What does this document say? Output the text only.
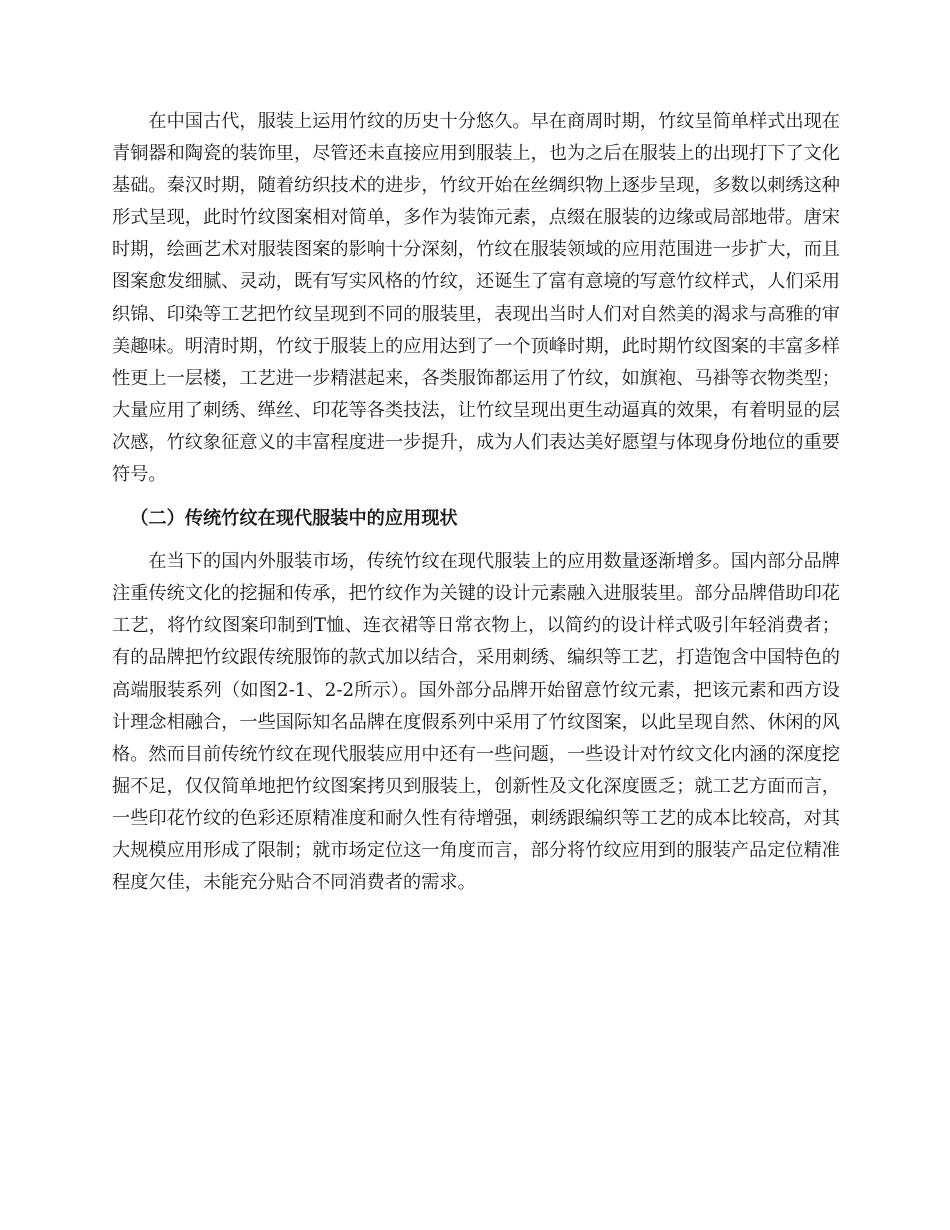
在中国古代，服装上运用竹纹的历史十分悠久。早在商周时期，竹纹呈简单样式出现在青铜器和陶瓷的装饰里，尽管还未直接应用到服装上，也为之后在服装上的出现打下了文化基础。秦汉时期，随着纺织技术的进步，竹纹开始在丝绸织物上逐步呈现，多数以刺绣这种形式呈现，此时竹纹图案相对简单，多作为装饰元素，点缀在服装的边缘或局部地带。唐宋时期，绘画艺术对服装图案的影响十分深刻，竹纹在服装领域的应用范围进一步扩大，而且图案愈发细腻、灵动，既有写实风格的竹纹，还诞生了富有意境的写意竹纹样式，人们采用织锦、印染等工艺把竹纹呈现到不同的服装里，表现出当时人们对自然美的渴求与高雅的审美趣味。明清时期，竹纹于服装上的应用达到了一个顶峰时期，此时期竹纹图案的丰富多样性更上一层楼，工艺进一步精湛起来，各类服饰都运用了竹纹，如旗袍、马褂等衣物类型；大量应用了刺绣、缂丝、印花等各类技法，让竹纹呈现出更生动逼真的效果，有着明显的层次感，竹纹象征意义的丰富程度进一步提升，成为人们表达美好愿望与体现身份地位的重要符号。

（二）传统竹纹在现代服装中的应用现状

在当下的国内外服装市场，传统竹纹在现代服装上的应用数量逐渐增多。国内部分品牌注重传统文化的挖掘和传承，把竹纹作为关键的设计元素融入进服装里。部分品牌借助印花工艺，将竹纹图案印制到T恤、连衣裙等日常衣物上，以简约的设计样式吸引年轻消费者；有的品牌把竹纹跟传统服饰的款式加以结合，采用刺绣、编织等工艺，打造饱含中国特色的高端服装系列（如图2-1、2-2所示）。国外部分品牌开始留意竹纹元素，把该元素和西方设计理念相融合，一些国际知名品牌在度假系列中采用了竹纹图案，以此呈现自然、休闲的风格。然而目前传统竹纹在现代服装应用中还有一些问题，一些设计对竹纹文化内涵的深度挖掘不足，仅仅简单地把竹纹图案拷贝到服装上，创新性及文化深度匮乏；就工艺方面而言，一些印花竹纹的色彩还原精准度和耐久性有待增强，刺绣跟编织等工艺的成本比较高，对其大规模应用形成了限制；就市场定位这一角度而言，部分将竹纹应用到的服装产品定位精准程度欠佳，未能充分贴合不同消费者的需求。
